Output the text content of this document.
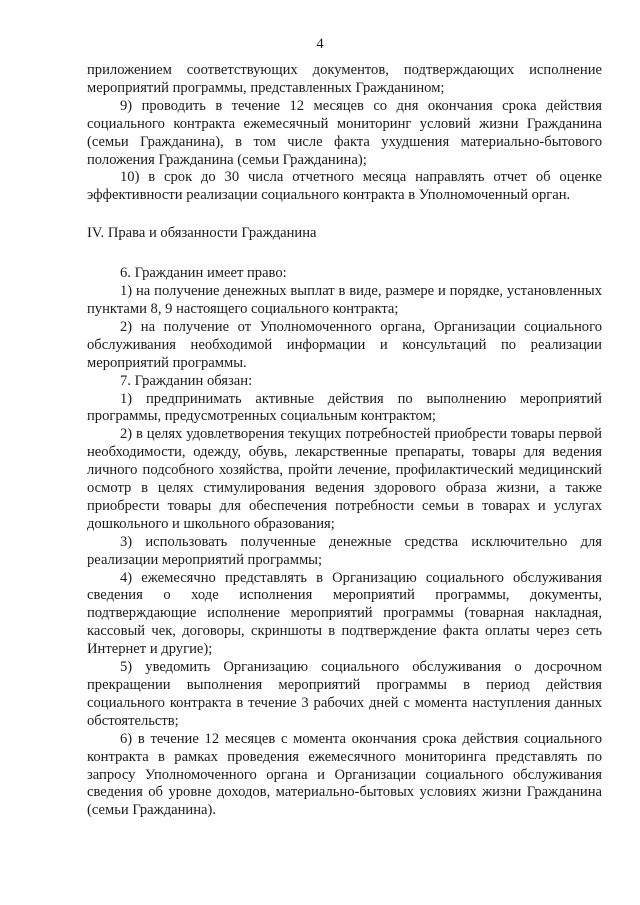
4

приложением соответствующих документов, подтверждающих исполнение мероприятий программы, представленных Гражданином;

9) проводить в течение 12 месяцев со дня окончания срока действия социального контракта ежемесячный мониторинг условий жизни Гражданина (семьи Гражданина), в том числе факта ухудшения материально-бытового положения Гражданина (семьи Гражданина);

10) в срок до 30 числа отчетного месяца направлять отчет об оценке эффективности реализации социального контракта в Уполномоченный орган.

IV. Права и обязанности Гражданина

6. Гражданин имеет право:

1) на получение денежных выплат в виде, размере и порядке, установленных пунктами 8, 9 настоящего социального контракта;

2) на получение от Уполномоченного органа, Организации социального обслуживания необходимой информации и консультаций по реализации мероприятий программы.

7. Гражданин обязан:

1) предпринимать активные действия по выполнению мероприятий программы, предусмотренных социальным контрактом;

2) в целях удовлетворения текущих потребностей приобрести товары первой необходимости, одежду, обувь, лекарственные препараты, товары для ведения личного подсобного хозяйства, пройти лечение, профилактический медицинский осмотр в целях стимулирования ведения здорового образа жизни, а также приобрести товары для обеспечения потребности семьи в товарах и услугах дошкольного и школьного образования;

3) использовать полученные денежные средства исключительно для реализации мероприятий программы;

4) ежемесячно представлять в Организацию социального обслуживания сведения о ходе исполнения мероприятий программы, документы, подтверждающие исполнение мероприятий программы (товарная накладная, кассовый чек, договоры, скриншоты в подтверждение факта оплаты через сеть Интернет и другие);

5) уведомить Организацию социального обслуживания о досрочном прекращении выполнения мероприятий программы в период действия социального контракта в течение 3 рабочих дней с момента наступления данных обстоятельств;

6) в течение 12 месяцев с момента окончания срока действия социального контракта в рамках проведения ежемесячного мониторинга представлять по запросу Уполномоченного органа и Организации социального обслуживания сведения об уровне доходов, материально-бытовых условиях жизни Гражданина (семьи Гражданина).
